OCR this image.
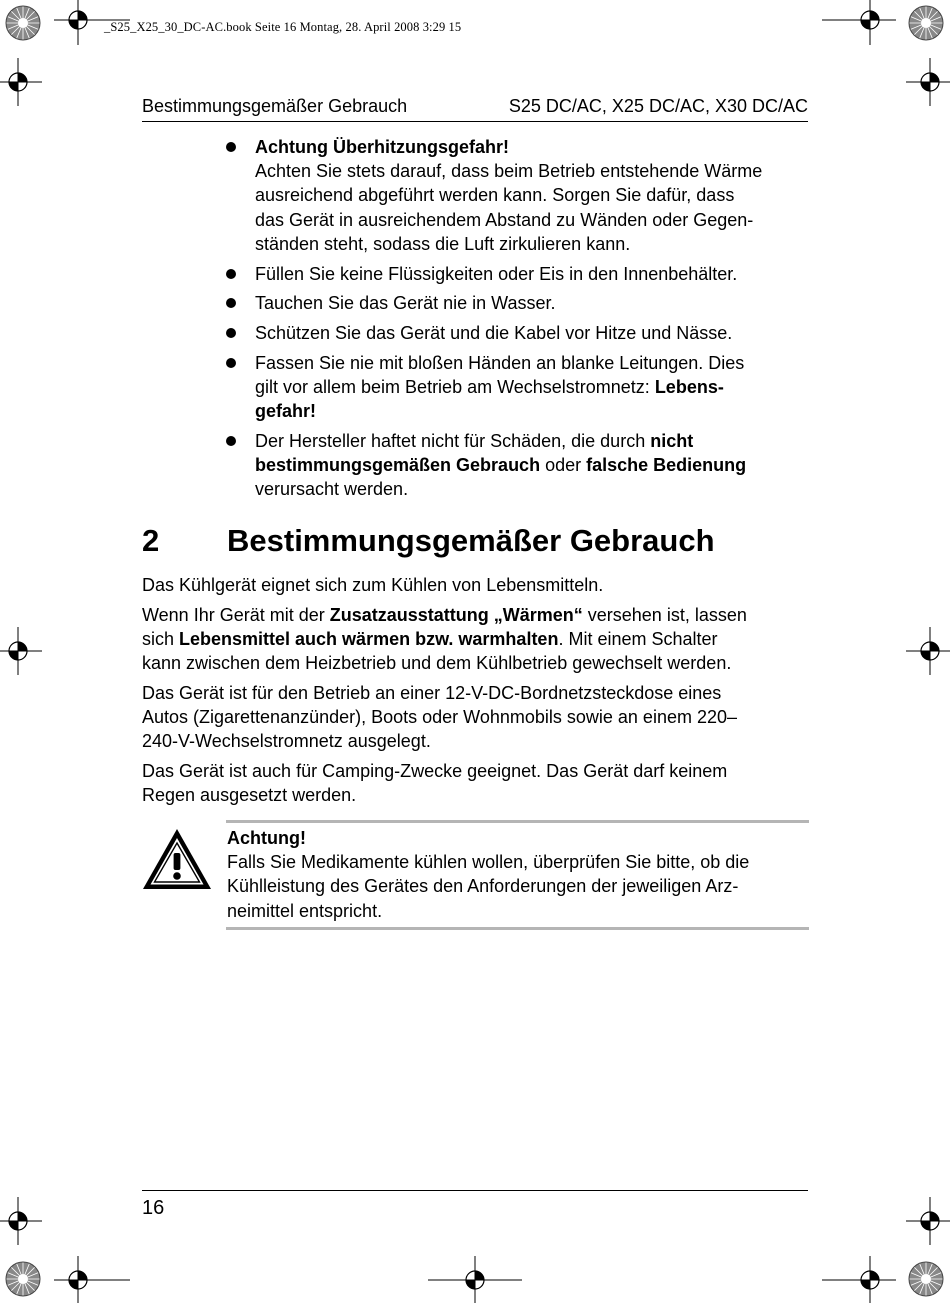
_S25_X25_30_DC-AC.book Seite 16 Montag, 28. April 2008 3:29 15
Bestimmungsgemäßer Gebrauch	S25 DC/AC, X25 DC/AC, X30 DC/AC
Achtung Überhitzungsgefahr!
Achten Sie stets darauf, dass beim Betrieb entstehende Wärme
ausreichend abgeführt werden kann. Sorgen Sie dafür, dass
das Gerät in ausreichendem Abstand zu Wänden oder Gegen-
ständen steht, sodass die Luft zirkulieren kann.
Füllen Sie keine Flüssigkeiten oder Eis in den Innenbehälter.
Tauchen Sie das Gerät nie in Wasser.
Schützen Sie das Gerät und die Kabel vor Hitze und Nässe.
Fassen Sie nie mit bloßen Händen an blanke Leitungen. Dies
gilt vor allem beim Betrieb am Wechselstromnetz: Lebens-
gefahr!
Der Hersteller haftet nicht für Schäden, die durch nicht
bestimmungsgemäßen Gebrauch oder falsche Bedienung
verursacht werden.
2 Bestimmungsgemäßer Gebrauch

Das Kühlgerät eignet sich zum Kühlen von Lebensmitteln.

Wenn Ihr Gerät mit der Zusatzausstattung „Wärmen“ versehen ist, lassen
sich Lebensmittel auch wärmen bzw. warmhalten. Mit einem Schalter
kann zwischen dem Heizbetrieb und dem Kühlbetrieb gewechselt werden.

Das Gerät ist für den Betrieb an einer 12-V-DC-Bordnetzsteckdose eines
Autos (Zigarettenanzünder), Boots oder Wohnmobils sowie an einem 220–
240-V-Wechselstromnetz ausgelegt.

Das Gerät ist auch für Camping-Zwecke geeignet. Das Gerät darf keinem
Regen ausgesetzt werden.

Achtung!
Falls Sie Medikamente kühlen wollen, überprüfen Sie bitte, ob die
Kühlleistung des Gerätes den Anforderungen der jeweiligen Arz-
neimittel entspricht.
16
